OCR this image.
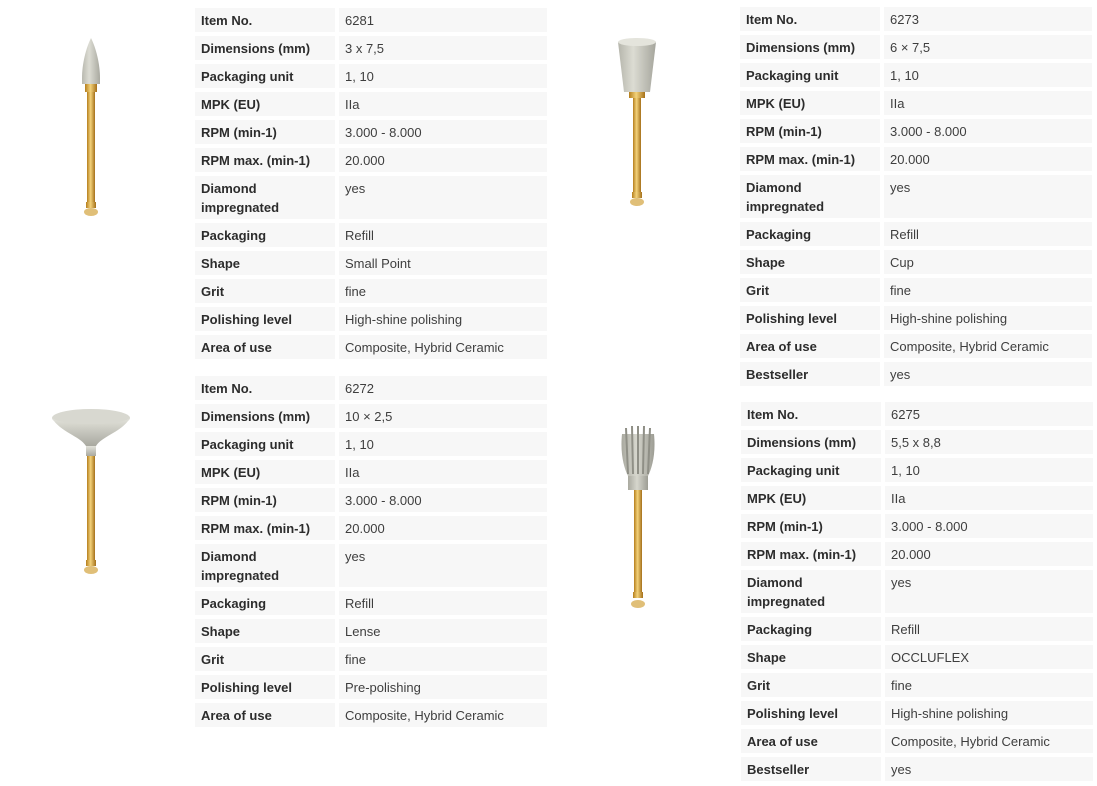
Item No.	6281
Dimensions (mm)	3 x 7,5
Packaging unit	1, 10
MPK (EU)	IIa
RPM (min-1)	3.000 - 8.000
RPM max. (min-1)	20.000
Diamond impregnated	yes
Packaging	Refill
Shape	Small Point
Grit	fine
Polishing level	High-shine polishing
Area of use	Composite, Hybrid Ceramic
Item No.	6273
Dimensions (mm)	6 × 7,5
Packaging unit	1, 10
MPK (EU)	IIa
RPM (min-1)	3.000 - 8.000
RPM max. (min-1)	20.000
Diamond impregnated	yes
Packaging	Refill
Shape	Cup
Grit	fine
Polishing level	High-shine polishing
Area of use	Composite, Hybrid Ceramic
Bestseller	yes
Item No.	6272
Dimensions (mm)	10 × 2,5
Packaging unit	1, 10
MPK (EU)	IIa
RPM (min-1)	3.000 - 8.000
RPM max. (min-1)	20.000
Diamond impregnated	yes
Packaging	Refill
Shape	Lense
Grit	fine
Polishing level	Pre-polishing
Area of use	Composite, Hybrid Ceramic
Item No.	6275
Dimensions (mm)	5,5 x 8,8
Packaging unit	1, 10
MPK (EU)	IIa
RPM (min-1)	3.000 - 8.000
RPM max. (min-1)	20.000
Diamond impregnated	yes
Packaging	Refill
Shape	OCCLUFLEX
Grit	fine
Polishing level	High-shine polishing
Area of use	Composite, Hybrid Ceramic
Bestseller	yes
